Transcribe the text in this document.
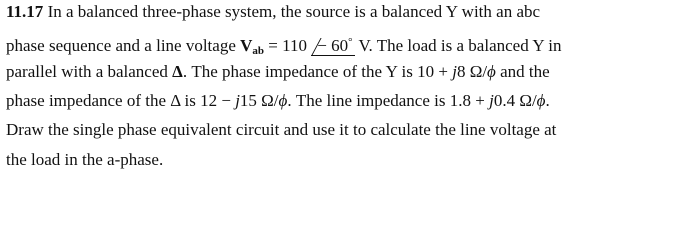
11.17 In a balanced three-phase system, the source is a balanced Y with an abc
phase sequence and a line voltage $V_{ab} = 110 - 60^\circ$ V. The load is a balanced Y in
parallel with a balanced Δ. The phase impedance of the Y is 10 + j8 Ω/ϕ and the
phase impedance of the Δ is 12 − j15 Ω/ϕ. The line impedance is 1.8 + j0.4 Ω/ϕ.
Draw the single phase equivalent circuit and use it to calculate the line voltage at
the load in the a-phase.
